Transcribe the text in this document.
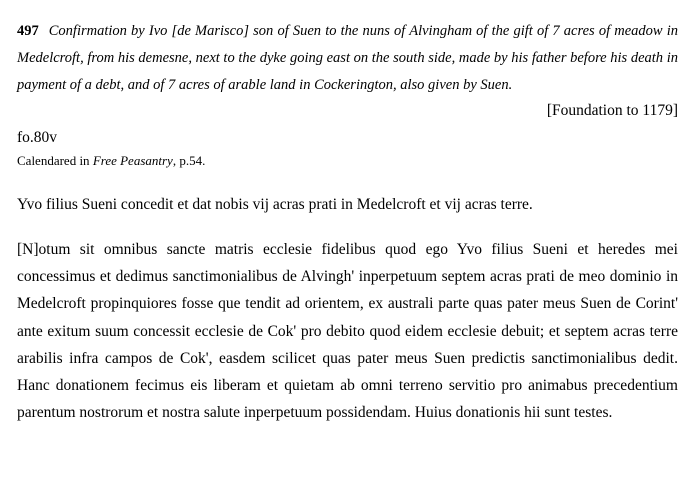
497 Confirmation by Ivo [de Marisco] son of Suen to the nuns of Alvingham of the gift of 7 acres of meadow in Medelcroft, from his demesne, next to the dyke going east on the south side, made by his father before his death in payment of a debt, and of 7 acres of arable land in Cockerington, also given by Suen.

[Foundation to 1179]

fo.80v

Calendared in Free Peasantry, p.54.

Yvo filius Sueni concedit et dat nobis vij acras prati in Medelcroft et vij acras terre.

[N]otum sit omnibus sancte matris ecclesie fidelibus quod ego Yvo filius Sueni et heredes mei concessimus et dedimus sanctimonialibus de Alvingh' inperpetuum septem acras prati de meo dominio in Medelcroft propinquiores fosse que tendit ad orientem, ex australi parte quas pater meus Suen de Corint' ante exitum suum concessit ecclesie de Cok' pro debito quod eidem ecclesie debuit; et septem acras terre arabilis infra campos de Cok', easdem scilicet quas pater meus Suen predictis sanctimonialibus dedit. Hanc donationem fecimus eis liberam et quietam ab omni terreno servitio pro animabus precedentium parentum nostrorum et nostra salute inperpetuum possidendam. Huius donationis hii sunt testes.
